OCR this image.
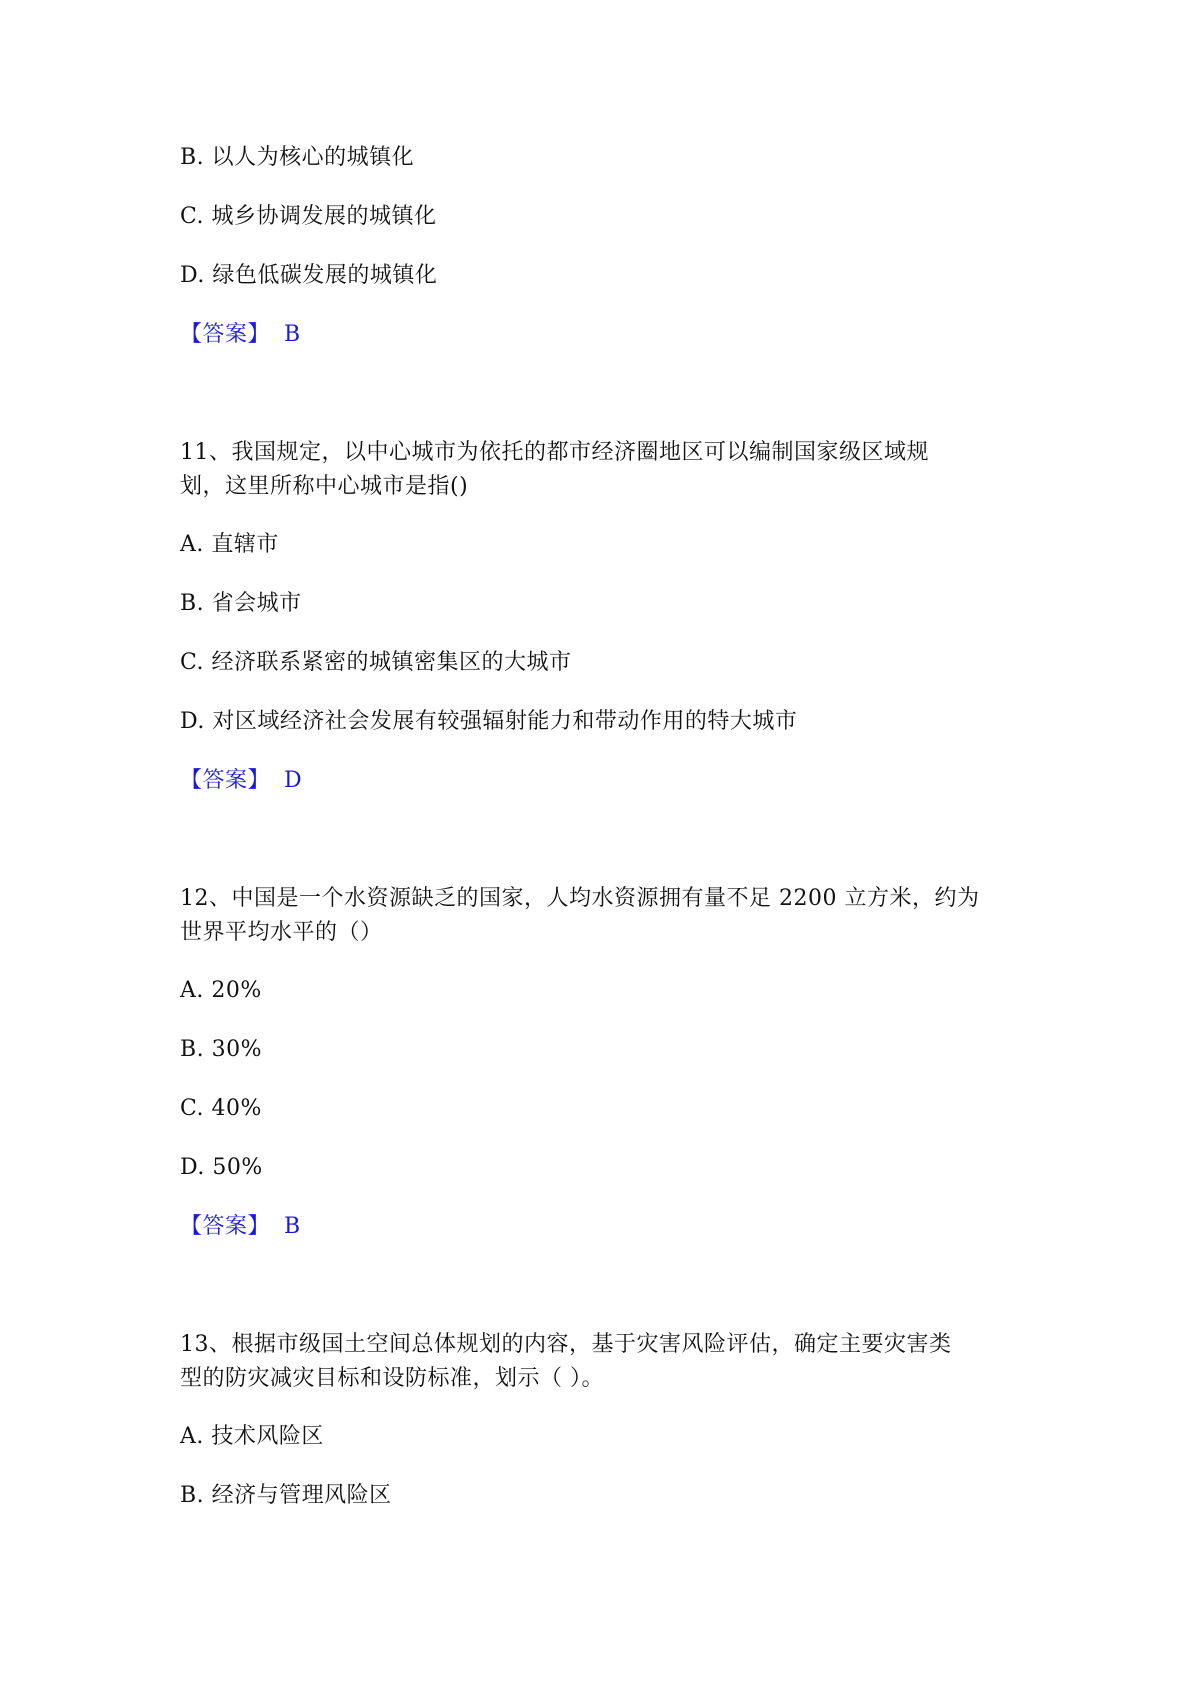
B. 以人为核心的城镇化
C. 城乡协调发展的城镇化
D. 绿色低碳发展的城镇化
【答案】 B
11、我国规定，以中心城市为依托的都市经济圈地区可以编制国家级区域规
划，这里所称中心城市是指()
A. 直辖市
B. 省会城市
C. 经济联系紧密的城镇密集区的大城市
D. 对区域经济社会发展有较强辐射能力和带动作用的特大城市
【答案】 D
12、中国是一个水资源缺乏的国家，人均水资源拥有量不足 2200 立方米，约为
世界平均水平的（）
A. 20%
B. 30%
C. 40%
D. 50%
【答案】 B
13、根据市级国土空间总体规划的内容，基于灾害风险评估，确定主要灾害类
型的防灾减灾目标和设防标准，划示（ ）。
A. 技术风险区
B. 经济与管理风险区
